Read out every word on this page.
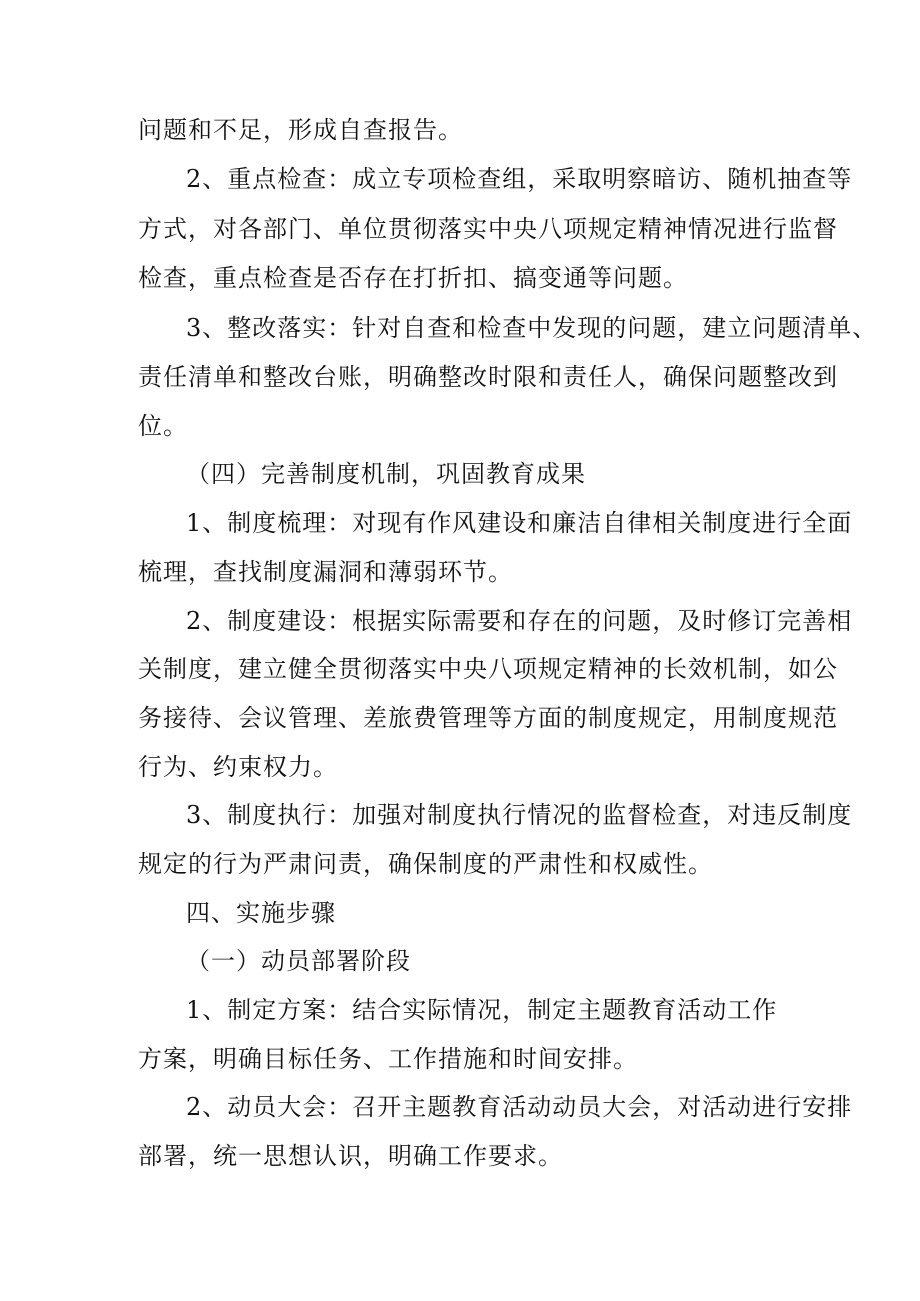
问题和不足，形成自查报告。

2、重点检查：成立专项检查组，采取明察暗访、随机抽查等

方式，对各部门、单位贯彻落实中央八项规定精神情况进行监督

检查，重点检查是否存在打折扣、搞变通等问题。

3、整改落实：针对自查和检查中发现的问题，建立问题清单、

责任清单和整改台账，明确整改时限和责任人，确保问题整改到

位。

（四）完善制度机制，巩固教育成果

1、制度梳理：对现有作风建设和廉洁自律相关制度进行全面

梳理，查找制度漏洞和薄弱环节。

2、制度建设：根据实际需要和存在的问题，及时修订完善相

关制度，建立健全贯彻落实中央八项规定精神的长效机制，如公

务接待、会议管理、差旅费管理等方面的制度规定，用制度规范

行为、约束权力。

3、制度执行：加强对制度执行情况的监督检查，对违反制度

规定的行为严肃问责，确保制度的严肃性和权威性。

四、实施步骤

（一）动员部署阶段

1、制定方案：结合实际情况，制定主题教育活动工作

方案，明确目标任务、工作措施和时间安排。

2、动员大会：召开主题教育活动动员大会，对活动进行安排

部署，统一思想认识，明确工作要求。
